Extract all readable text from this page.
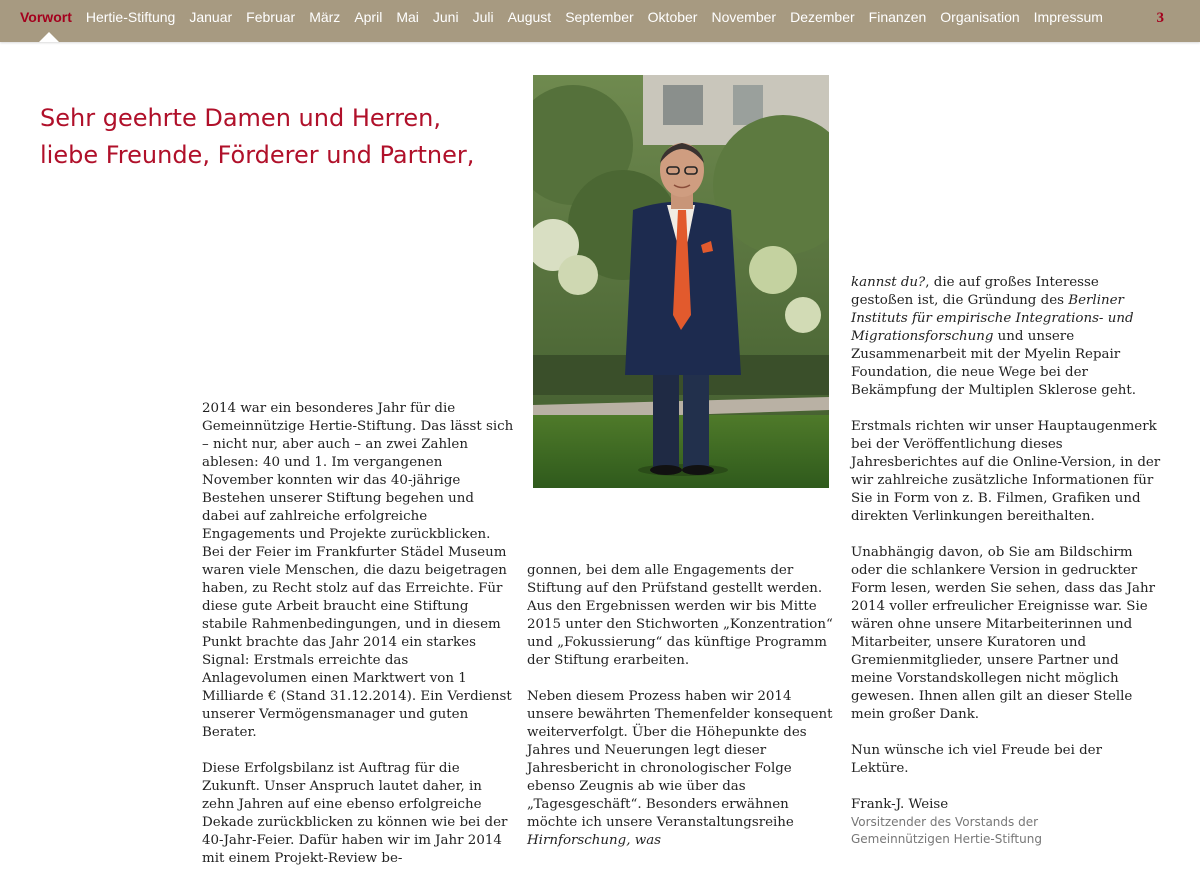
Vorwort Hertie-Stiftung Januar Februar März April Mai Juni Juli August September Oktober November Dezember Finanzen Organisation Impressum	3
Sehr geehrte Damen und Herren,
liebe Freunde, Förderer und Partner,

2014 war ein besonderes Jahr für die Gemeinnützige Hertie-Stiftung. Das lässt sich – nicht nur, aber auch – an zwei Zahlen ablesen: 40 und 1. Im vergangenen November konnten wir das 40-jährige Bestehen unserer Stiftung begehen und dabei auf zahlreiche erfolgreiche Engagements und Projekte zurückblicken. Bei der Feier im Frankfurter Städel Museum waren viele Menschen, die dazu beigetragen haben, zu Recht stolz auf das Erreichte. Für diese gute Arbeit braucht eine Stiftung stabile Rahmenbedingungen, und in diesem Punkt brachte das Jahr 2014 ein starkes Signal: Erstmals erreichte das Anlagevolumen einen Marktwert von 1 Milliarde € (Stand 31.12.2014). Ein Verdienst unserer Vermögensmanager und guten Berater.

Diese Erfolgsbilanz ist Auftrag für die Zukunft. Unser Anspruch lautet daher, in zehn Jahren auf eine ebenso erfolgreiche Dekade zurückblicken zu können wie bei der 40-Jahr-Feier. Dafür haben wir im Jahr 2014 mit einem Projekt-Review be-

gonnen, bei dem alle Engagements der Stiftung auf den Prüfstand gestellt werden. Aus den Ergebnissen werden wir bis Mitte 2015 unter den Stichworten „Konzentration“ und „Fokussierung“ das künftige Programm der Stiftung erarbeiten.

Neben diesem Prozess haben wir 2014 unsere bewährten Themenfelder konsequent weiterverfolgt. Über die Höhepunkte des Jahres und Neuerungen legt dieser Jahresbericht in chronologischer Folge ebenso Zeugnis ab wie über das „Tagesgeschäft“. Besonders erwähnen möchte ich unsere Veranstaltungsreihe Hirnforschung, was

kannst du?, die auf großes Interesse gestoßen ist, die Gründung des Berliner Instituts für empirische Integrations- und Migrationsforschung und unsere Zusammenarbeit mit der Myelin Repair Foundation, die neue Wege bei der Bekämpfung der Multiplen Sklerose geht.

Erstmals richten wir unser Hauptaugenmerk bei der Veröffentlichung dieses Jahresberichtes auf die Online-Version, in der wir zahlreiche zusätzliche Informationen für Sie in Form von z. B. Filmen, Grafiken und direkten Verlinkungen bereithalten.

Unabhängig davon, ob Sie am Bildschirm oder die schlankere Version in gedruckter Form lesen, werden Sie sehen, dass das Jahr 2014 voller erfreulicher Ereignisse war. Sie wären ohne unsere Mitarbeiterinnen und Mitarbeiter, unsere Kuratoren und Gremienmitglieder, unsere Partner und meine Vorstandskollegen nicht möglich gewesen. Ihnen allen gilt an dieser Stelle mein großer Dank.

Nun wünsche ich viel Freude bei der Lektüre.

Frank-J. Weise
Vorsitzender des Vorstands der
Gemeinnützigen Hertie-Stiftung
